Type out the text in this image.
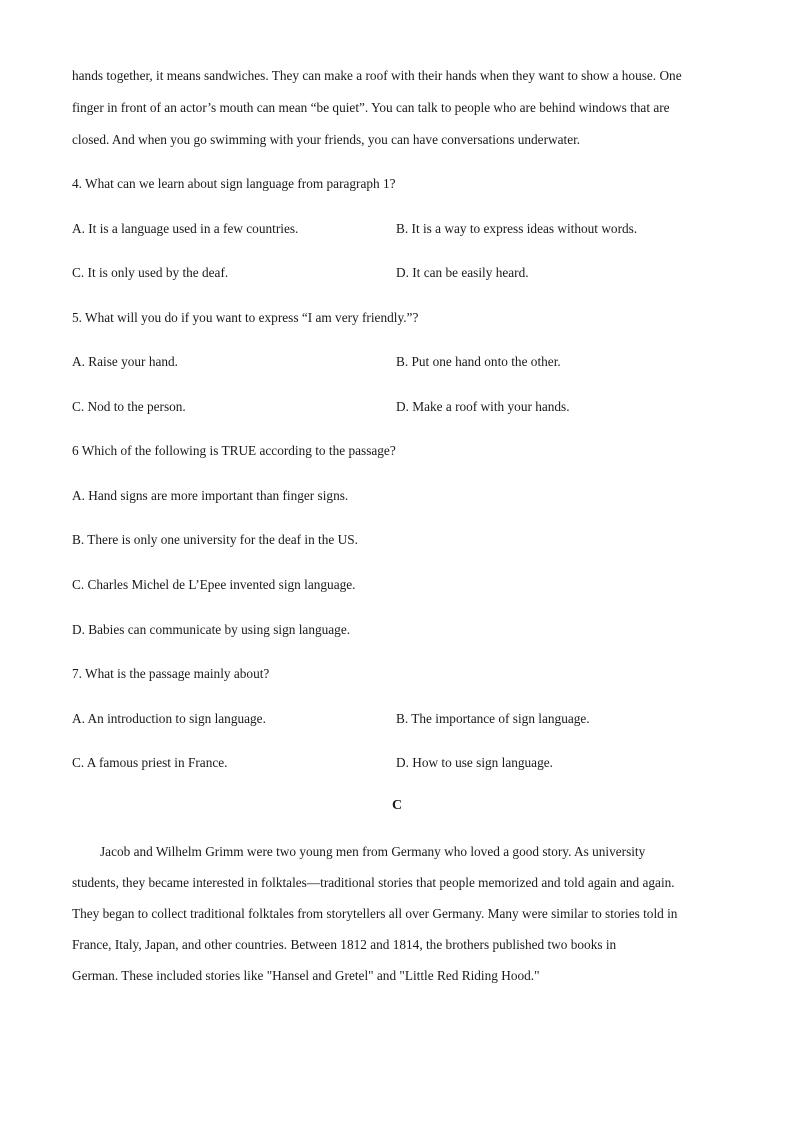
hands together, it means sandwiches. They can make a roof with their hands when they want to show a house. One
finger in front of an actor’s mouth can mean “be quiet”. You can talk to people who are behind windows that are
closed. And when you go swimming with your friends, you can have conversations underwater.
4. What can we learn about sign language from paragraph 1?
A. It is a language used in a few countries.	B. It is a way to express ideas without words.
C. It is only used by the deaf.	D. It can be easily heard.
5. What will you do if you want to express “I am very friendly.”?
A. Raise your hand.	B. Put one hand onto the other.
C. Nod to the person.	D. Make a roof with your hands.
6 Which of the following is TRUE according to the passage?
A. Hand signs are more important than finger signs.
B. There is only one university for the deaf in the US.
C. Charles Michel de L’Epee invented sign language.
D. Babies can communicate by using sign language.
7. What is the passage mainly about?
A. An introduction to sign language.	B. The importance of sign language.
C. A famous priest in France.	D. How to use sign language.
C
Jacob and Wilhelm Grimm were two young men from Germany who loved a good story. As university
students, they became interested in folktales—traditional stories that people memorized and told again and again.
They began to collect traditional folktales from storytellers all over Germany. Many were similar to stories told in
France, Italy, Japan, and other countries. Between 1812 and 1814, the brothers published two books in
German. These included stories like "Hansel and Gretel" and "Little Red Riding Hood."
